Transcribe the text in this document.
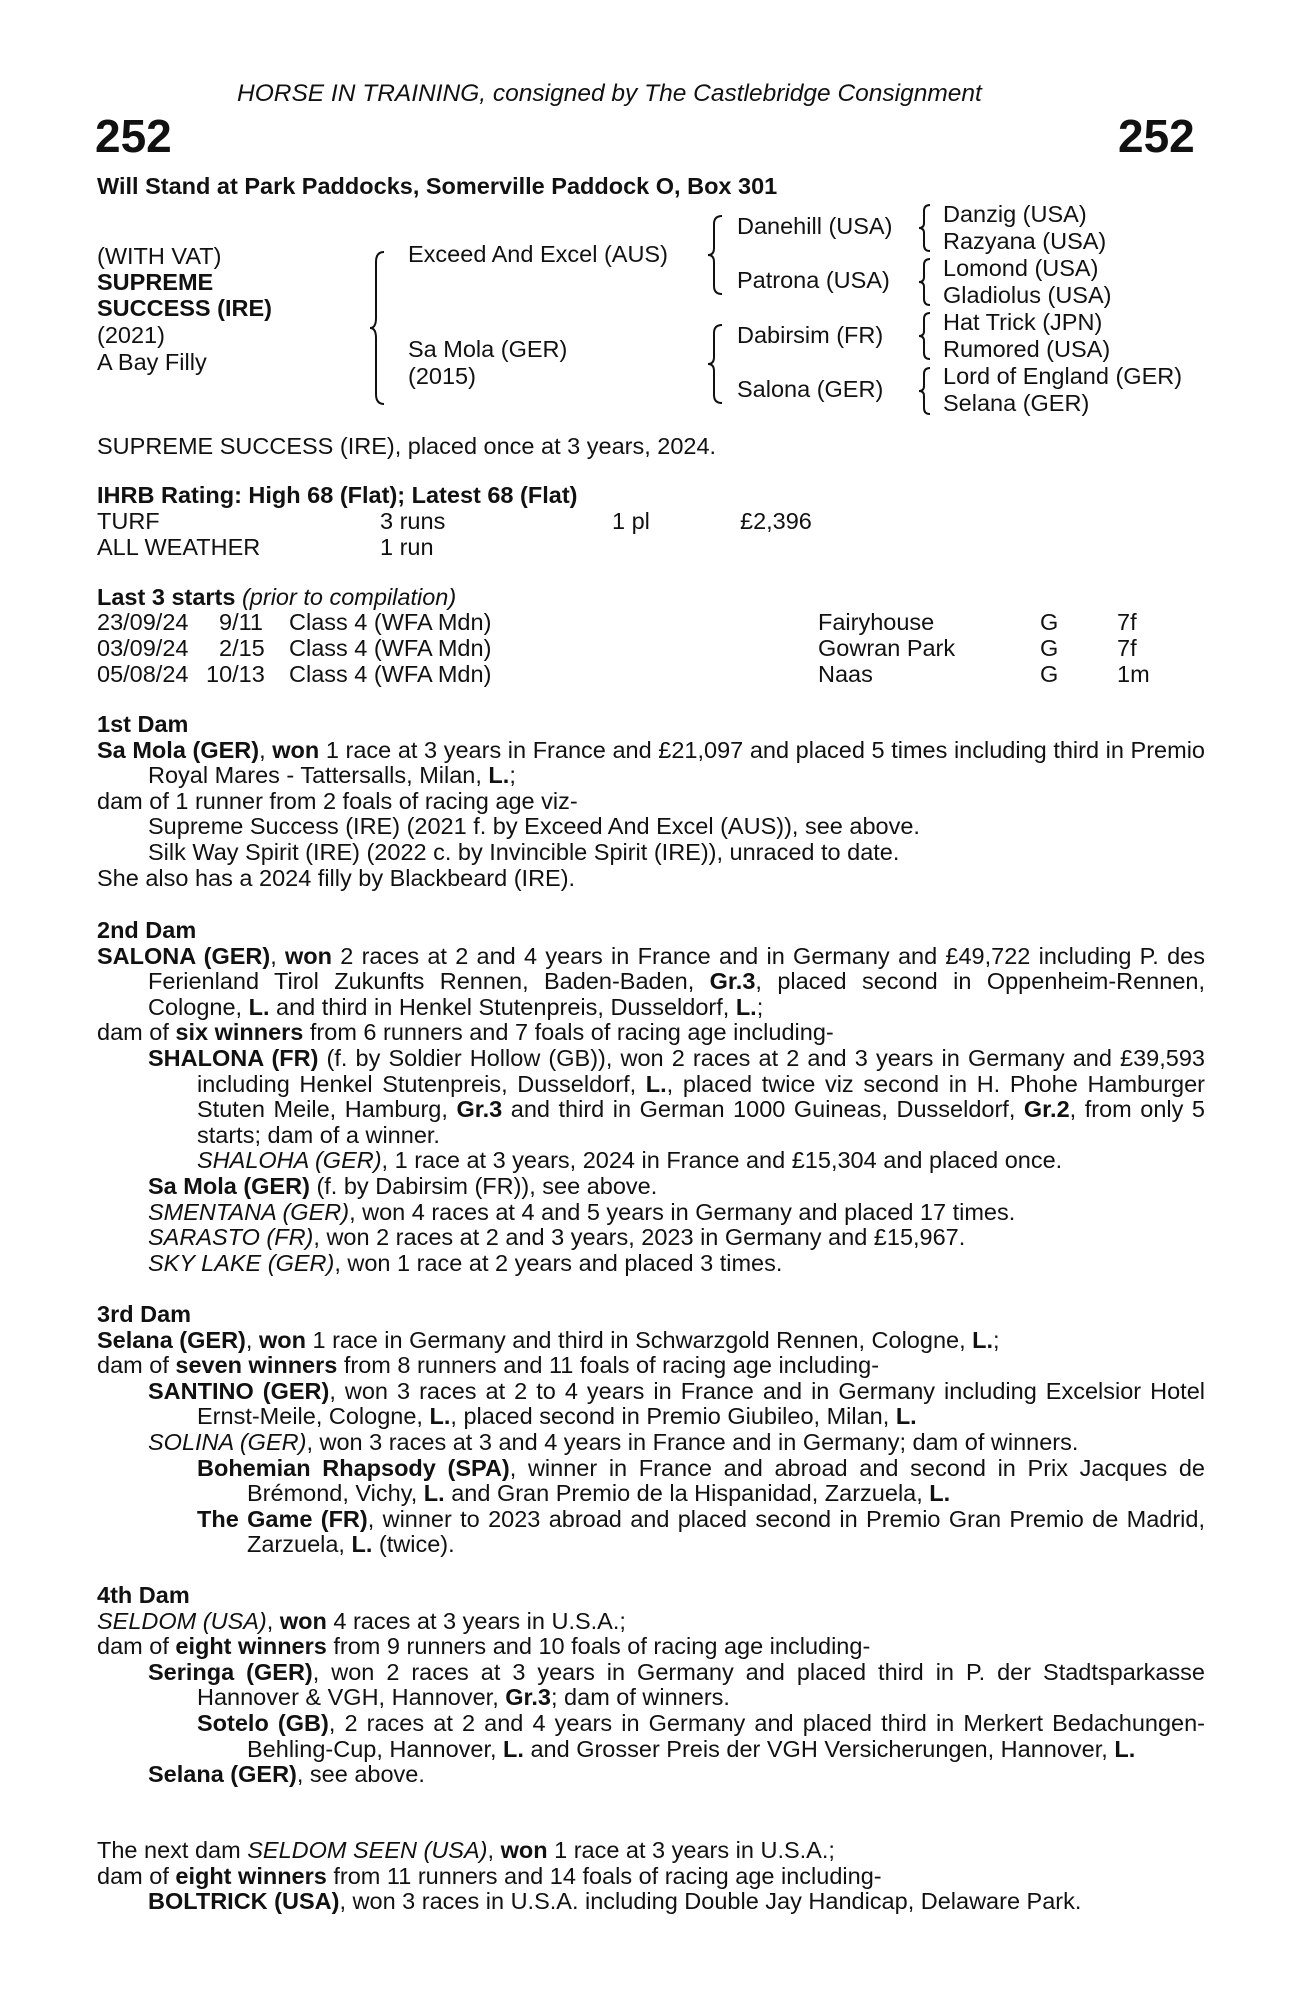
HORSE IN TRAINING, consigned by The Castlebridge Consignment
252	252
Will Stand at Park Paddocks, Somerville Paddock O, Box 301
(WITH VAT)
SUPREME
SUCCESS (IRE)
(2021)
A Bay Filly
Exceed And Excel (AUS)
Sa Mola (GER)
(2015)
Danehill (USA)
Patrona (USA)
Dabirsim (FR)
Salona (GER)
Danzig (USA)
Razyana (USA)
Lomond (USA)
Gladiolus (USA)
Hat Trick (JPN)
Rumored (USA)
Lord of England (GER)
Selana (GER)
SUPREME SUCCESS (IRE), placed once at 3 years, 2024.
IHRB Rating: High 68 (Flat); Latest 68 (Flat)
TURF	3 runs	1 pl	£2,396
ALL WEATHER	1 run
Last 3 starts (prior to compilation)
23/09/24 9/11 Class 4 (WFA Mdn)	Fairyhouse	G 7f
03/09/24 2/15 Class 4 (WFA Mdn)	Gowran Park	G 7f
05/08/24 10/13 Class 4 (WFA Mdn)	Naas	G 1m
1st Dam
Sa Mola (GER), won 1 race at 3 years in France and £21,097 and placed 5 times including third in Premio Royal Mares - Tattersalls, Milan, L.;
dam of 1 runner from 2 foals of racing age viz-
Supreme Success (IRE) (2021 f. by Exceed And Excel (AUS)), see above.
Silk Way Spirit (IRE) (2022 c. by Invincible Spirit (IRE)), unraced to date.
She also has a 2024 filly by Blackbeard (IRE).
2nd Dam
SALONA (GER), won 2 races at 2 and 4 years in France and in Germany and £49,722 including P. des Ferienland Tirol Zukunfts Rennen, Baden-Baden, Gr.3, placed second in Oppenheim-Rennen, Cologne, L. and third in Henkel Stutenpreis, Dusseldorf, L.;
dam of six winners from 6 runners and 7 foals of racing age including-
SHALONA (FR) (f. by Soldier Hollow (GB)), won 2 races at 2 and 3 years in Germany and £39,593 including Henkel Stutenpreis, Dusseldorf, L., placed twice viz second in H. Phohe Hamburger Stuten Meile, Hamburg, Gr.3 and third in German 1000 Guineas, Dusseldorf, Gr.2, from only 5 starts; dam of a winner.
SHALOHA (GER), 1 race at 3 years, 2024 in France and £15,304 and placed once.
Sa Mola (GER) (f. by Dabirsim (FR)), see above.
SMENTANA (GER), won 4 races at 4 and 5 years in Germany and placed 17 times.
SARASTO (FR), won 2 races at 2 and 3 years, 2023 in Germany and £15,967.
SKY LAKE (GER), won 1 race at 2 years and placed 3 times.
3rd Dam
Selana (GER), won 1 race in Germany and third in Schwarzgold Rennen, Cologne, L.;
dam of seven winners from 8 runners and 11 foals of racing age including-
SANTINO (GER), won 3 races at 2 to 4 years in France and in Germany including Excelsior Hotel Ernst-Meile, Cologne, L., placed second in Premio Giubileo, Milan, L.
SOLINA (GER), won 3 races at 3 and 4 years in France and in Germany; dam of winners.
Bohemian Rhapsody (SPA), winner in France and abroad and second in Prix Jacques de Brémond, Vichy, L. and Gran Premio de la Hispanidad, Zarzuela, L.
The Game (FR), winner to 2023 abroad and placed second in Premio Gran Premio de Madrid, Zarzuela, L. (twice).
4th Dam
SELDOM (USA), won 4 races at 3 years in U.S.A.;
dam of eight winners from 9 runners and 10 foals of racing age including-
Seringa (GER), won 2 races at 3 years in Germany and placed third in P. der Stadtsparkasse Hannover & VGH, Hannover, Gr.3; dam of winners.
Sotelo (GB), 2 races at 2 and 4 years in Germany and placed third in Merkert Bedachungen-Behling-Cup, Hannover, L. and Grosser Preis der VGH Versicherungen, Hannover, L.
Selana (GER), see above.
The next dam SELDOM SEEN (USA), won 1 race at 3 years in U.S.A.;
dam of eight winners from 11 runners and 14 foals of racing age including-
BOLTRICK (USA), won 3 races in U.S.A. including Double Jay Handicap, Delaware Park.
